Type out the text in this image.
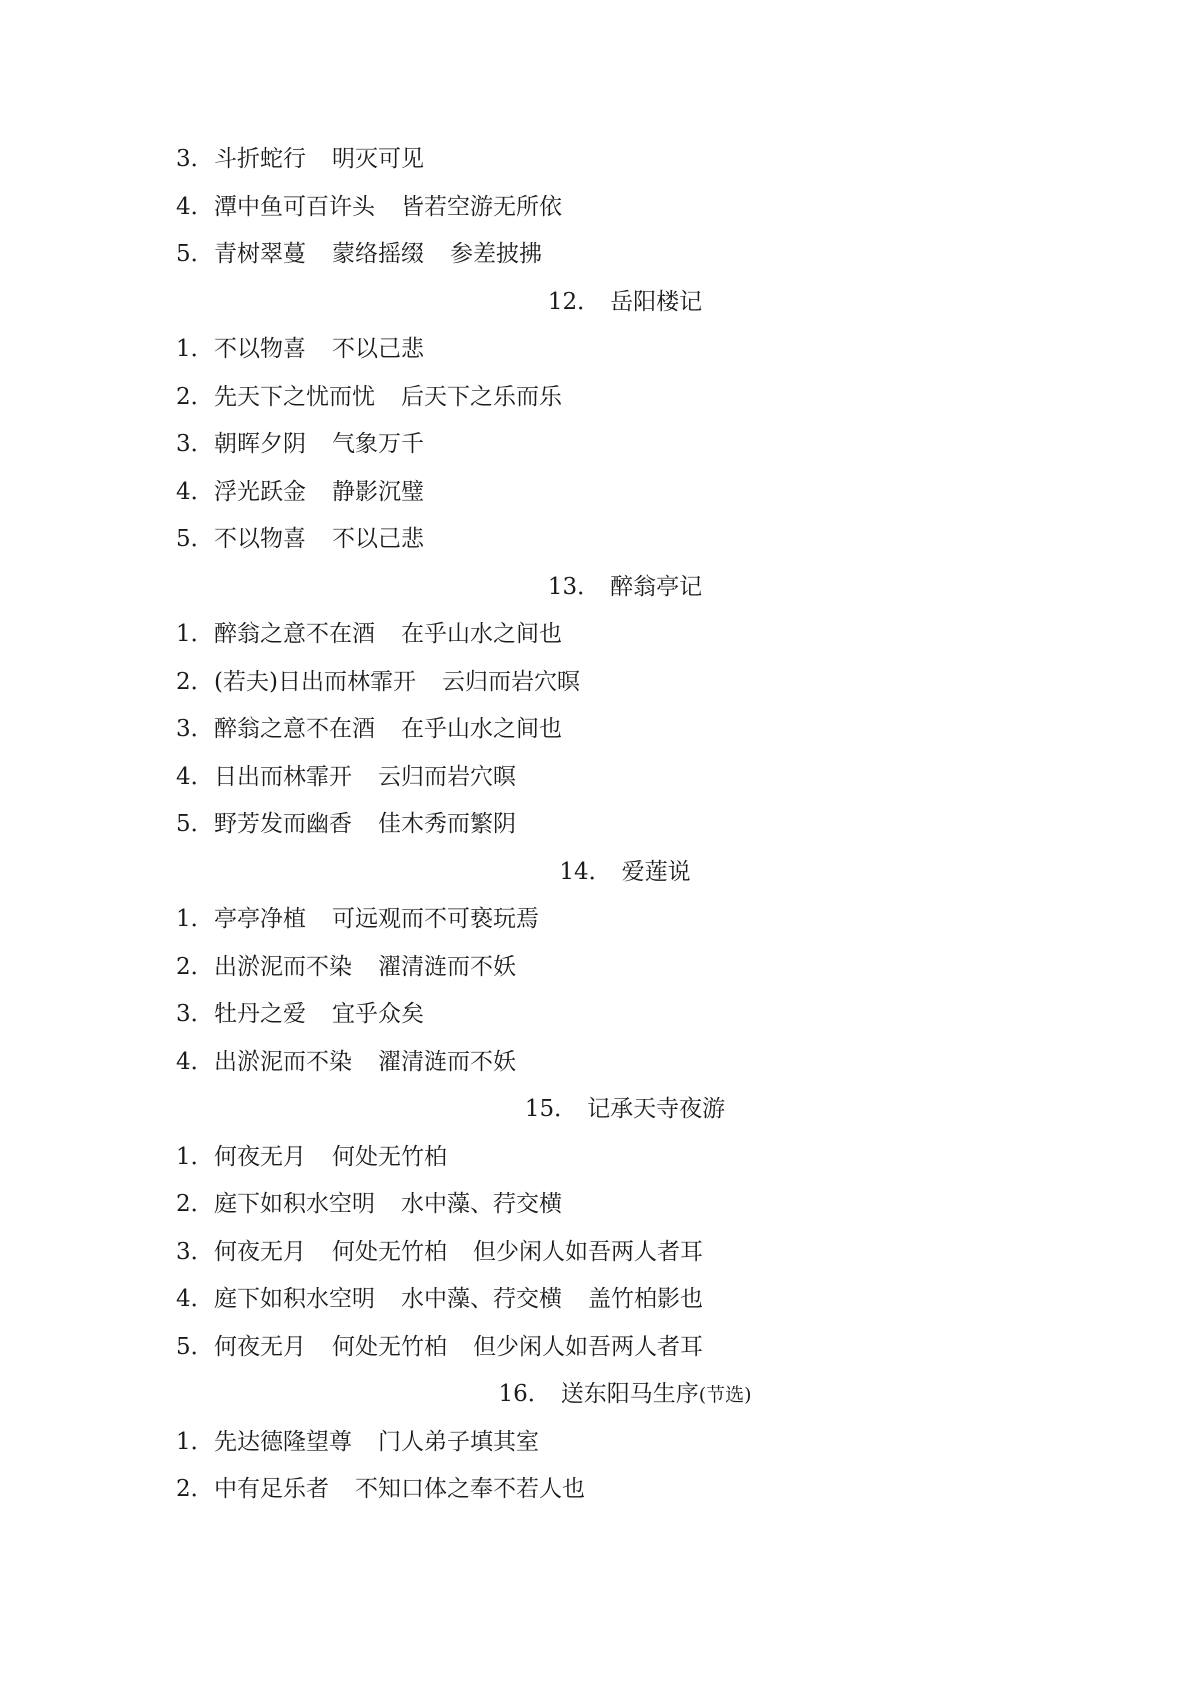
3．斗折蛇行 明灭可见
4．潭中鱼可百许头 皆若空游无所依
5．青树翠蔓 蒙络摇缀 参差披拂
12． 岳阳楼记
1．不以物喜 不以己悲
2．先天下之忧而忧 后天下之乐而乐
3．朝晖夕阴 气象万千
4．浮光跃金 静影沉璧
5．不以物喜 不以己悲
13． 醉翁亭记
1．醉翁之意不在酒 在乎山水之间也
2．(若夫)日出而林霏开 云归而岩穴暝
3．醉翁之意不在酒 在乎山水之间也
4．日出而林霏开 云归而岩穴暝
5．野芳发而幽香 佳木秀而繁阴
14． 爱莲说
1．亭亭净植 可远观而不可亵玩焉
2．出淤泥而不染 濯清涟而不妖
3．牡丹之爱 宜乎众矣
4．出淤泥而不染 濯清涟而不妖
15． 记承天寺夜游
1．何夜无月 何处无竹柏
2．庭下如积水空明 水中藻、荇交横
3．何夜无月 何处无竹柏 但少闲人如吾两人者耳
4．庭下如积水空明 水中藻、荇交横 盖竹柏影也
5．何夜无月 何处无竹柏 但少闲人如吾两人者耳
16． 送东阳马生序(节选)
1．先达德隆望尊 门人弟子填其室
2．中有足乐者 不知口体之奉不若人也
